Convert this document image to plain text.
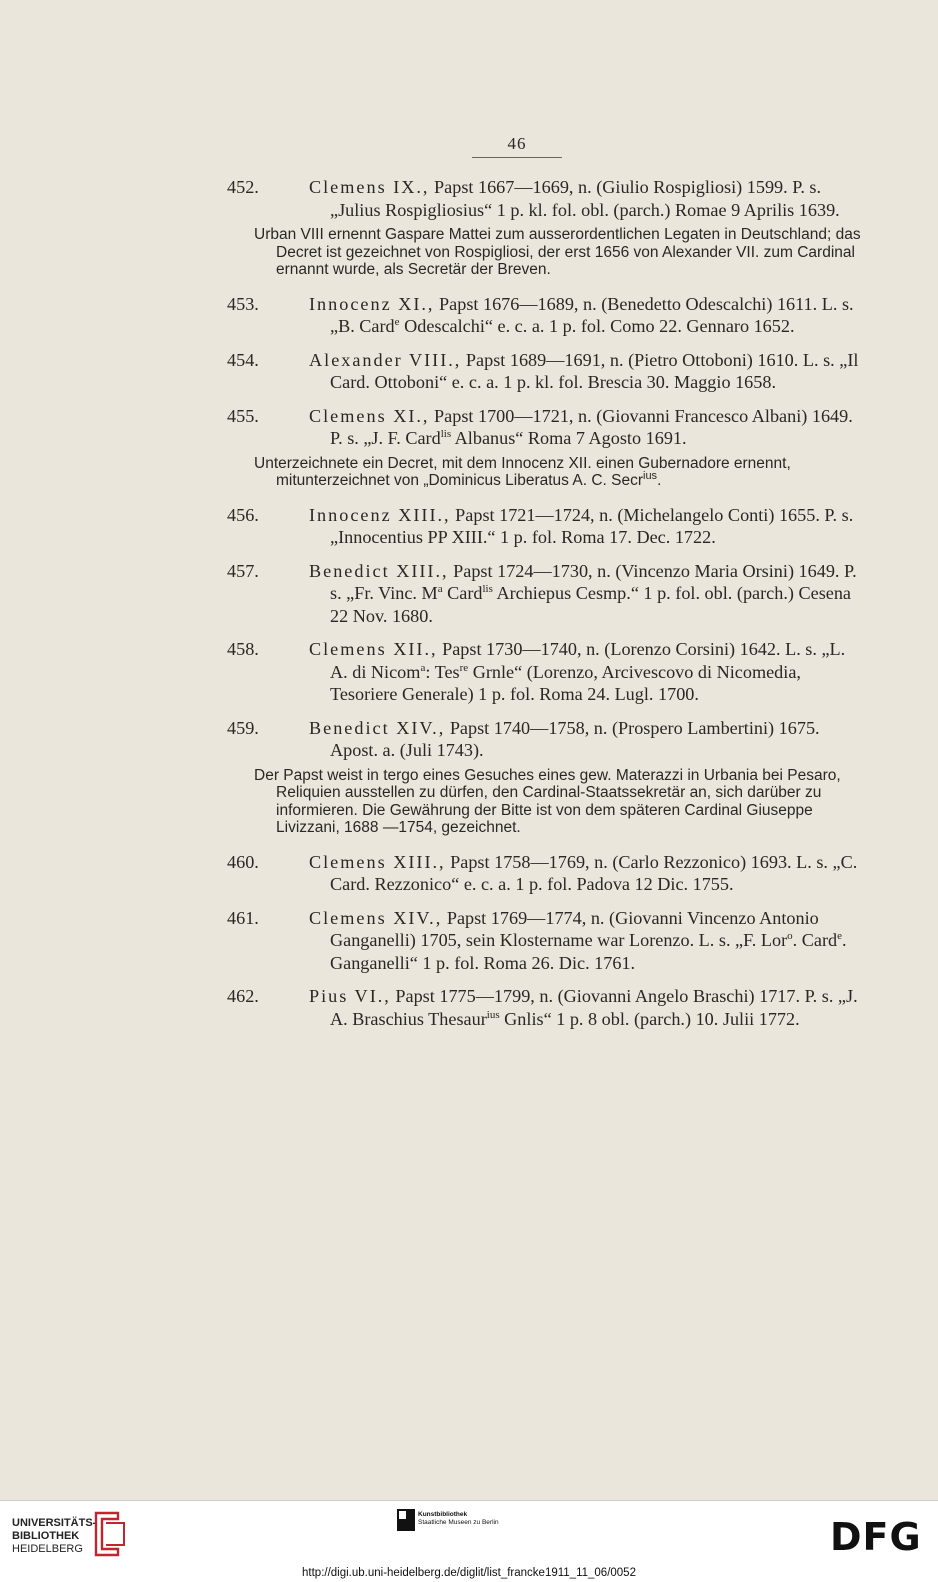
46
452.	Clemens IX., Papst 1667—1669, n. (Giulio Rospigliosi) 1599. P. s. „Julius Rospigliosius“ 1 p. kl. fol. obl. (parch.) Romae 9 Aprilis 1639.
Urban VIII ernennt Gaspare Mattei zum ausserordentlichen Legaten in Deutschland; das Decret ist gezeichnet von Rospigliosi, der erst 1656 von Alexander VII. zum Cardinal ernannt wurde, als Secretär der Breven.
453.	Innocenz XI., Papst 1676—1689, n. (Benedetto Odescalchi) 1611. L. s. „B. Card$^e$ Odescalchi“ e. c. a. 1 p. fol. Como 22. Gennaro 1652.
454.	Alexander VIII., Papst 1689—1691, n. (Pietro Ottoboni) 1610. L. s. „Il Card. Ottoboni“ e. c. a. 1 p. kl. fol. Brescia 30. Maggio 1658.
455.	Clemens XI., Papst 1700—1721, n. (Giovanni Francesco Albani) 1649. P. s. „J. F. Card$^{lis}$ Albanus“ Roma 7 Agosto 1691.
Unterzeichnete ein Decret, mit dem Innocenz XII. einen Gubernadore ernennt, mitunterzeichnet von „Dominicus Liberatus A. C. Secr$^{ius}$.
456.	Innocenz XIII., Papst 1721—1724, n. (Michelangelo Conti) 1655. P. s. „Innocentius PP XIII.“ 1 p. fol. Roma 17. Dec. 1722.
457.	Benedict XIII., Papst 1724—1730, n. (Vincenzo Maria Orsini) 1649. P. s. „Fr. Vinc. $M^a$ Card$^{lis}$ Archiepus Cesmp.“ 1 p. fol. obl. (parch.) Cesena 22 Nov. 1680.
458.	Clemens XII., Papst 1730—1740, n. (Lorenzo Corsini) 1642. L. s. „L. A. di Nicom$^a$: Tes$^{re}$ Grnle“ (Lorenzo, Arcivescovo di Nicomedia, Tesoriere Generale) 1 p. fol. Roma 24. Lugl. 1700.
459.	Benedict XIV., Papst 1740—1758, n. (Prospero Lambertini) 1675. Apost. a. (Juli 1743).
Der Papst weist in tergo eines Gesuches eines gew. Materazzi in Urbania bei Pesaro, Reliquien ausstellen zu dürfen, den Cardinal-Staatssekretär an, sich darüber zu informieren. Die Gewährung der Bitte ist von dem späteren Cardinal Giuseppe Livizzani, 1688 —1754, gezeichnet.
460.	Clemens XIII., Papst 1758—1769, n. (Carlo Rezzonico) 1693. L. s. „C. Card. Rezzonico“ e. c. a. 1 p. fol. Padova 12 Dic. 1755.
461.	Clemens XIV., Papst 1769—1774, n. (Giovanni Vincenzo Antonio Ganganelli) 1705, sein Klostername war Lorenzo. L. s. „F. Lor$^o$. Card$^e$. Ganganelli“ 1 p. fol. Roma 26. Dic. 1761.
462.	Pius VI., Papst 1775—1799, n. (Giovanni Angelo Braschi) 1717. P. s. „J. A. Braschius Thesaur$^{ius}$ Gnlis“ 1 p. 8 obl. (parch.) 10. Julii 1772.
UNIVERSITÄTS-
BIBLIOTHEK
HEIDELBERG
Kunstbibliothek
Staatliche Museen zu Berlin	DFG
http://digi.ub.uni-heidelberg.de/diglit/list_francke1911_11_06/0052
